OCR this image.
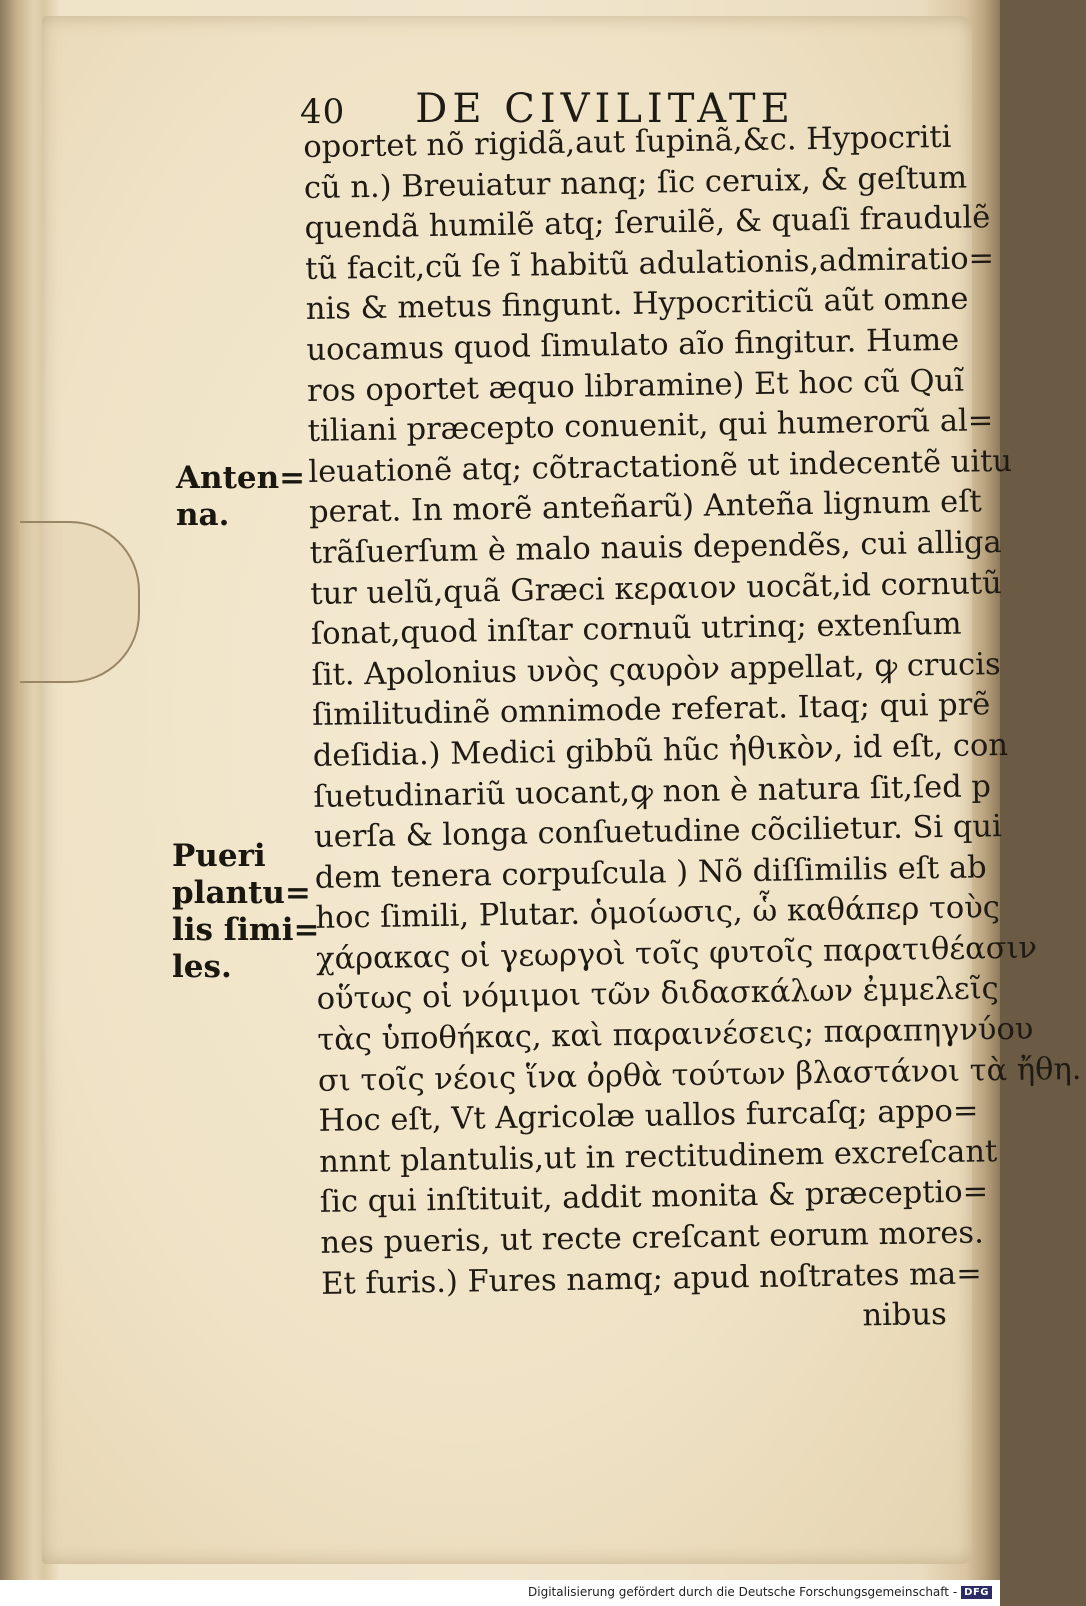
40 DE CIVILITATE
oportet nõ rigidã,aut ſupinã,&c. Hypocriti
cũ n.) Breuiatur nanq; ſic ceruix, & geſtum
quendã humilẽ atq; ſeruilẽ, & quaſi fraudulẽ
tũ facit,cũ ſe ĩ habitũ adulationis,admiratio=
nis & metus fingunt. Hypocriticũ aũt omne
uocamus quod ſimulato aĩo fingitur. Hume
ros oportet æquo libramine) Et hoc cũ Quĩ
tiliani præcepto conuenit, qui humerorũ al=
leuationẽ atq; cõtractationẽ ut indecentẽ uitu
perat. In morẽ anteñarũ) Anteña lignum eſt
trãſuerſum è malo nauis dependẽs, cui alliga
tur uelũ,quã Græci κεραιον uocãt,id cornutũ
ſonat,quod inſtar cornuũ utrinq; extenſum
ſit. Apolonius υνὸς ςαυρὸν appellat, ꝙ crucis
ſimilitudinẽ omnimode referat. Itaq; qui prẽ
deſidia.) Medici gibbũ hũc ἠθικὸν, id eſt, con
ſuetudinariũ uocant,ꝙ non è natura ſit,ſed p
uerſa & longa conſuetudine cõcilietur. Si qui
dem tenera corpuſcula ) Nõ diſſimilis eſt ab
hoc ſimili, Plutar. ὁμοίωσις, ὧ καθάπερ τοὺς
χάρακας οἱ γεωργοὶ τοῖς φυτοῖς παρατιθέασιν
οὕτως οἱ νόμιμοι τῶν διδασκάλων ἐμμελεῖς
τὰς ὑποθήκας, καὶ παραινέσεις; παραπηγνύου
σι τοῖς νέοις ἵνα ὀρθὰ τούτων βλαστάνοι τὰ ἤθη.
Hoc eſt, Vt Agricolæ uallos furcaſq; appo=
nnnt plantulis,ut in rectitudinem excreſcant
ſic qui inſtituit, addit monita & præceptio=
nes pueris, ut recte creſcant eorum mores.
Et furis.) Fures namq; apud noſtrates ma=
nibus
Anten=
na.
Pueri
plantu=
lis ſimi=
les.
Digitalisierung gefördert durch die Deutsche Forschungsgemeinschaft - DFG
